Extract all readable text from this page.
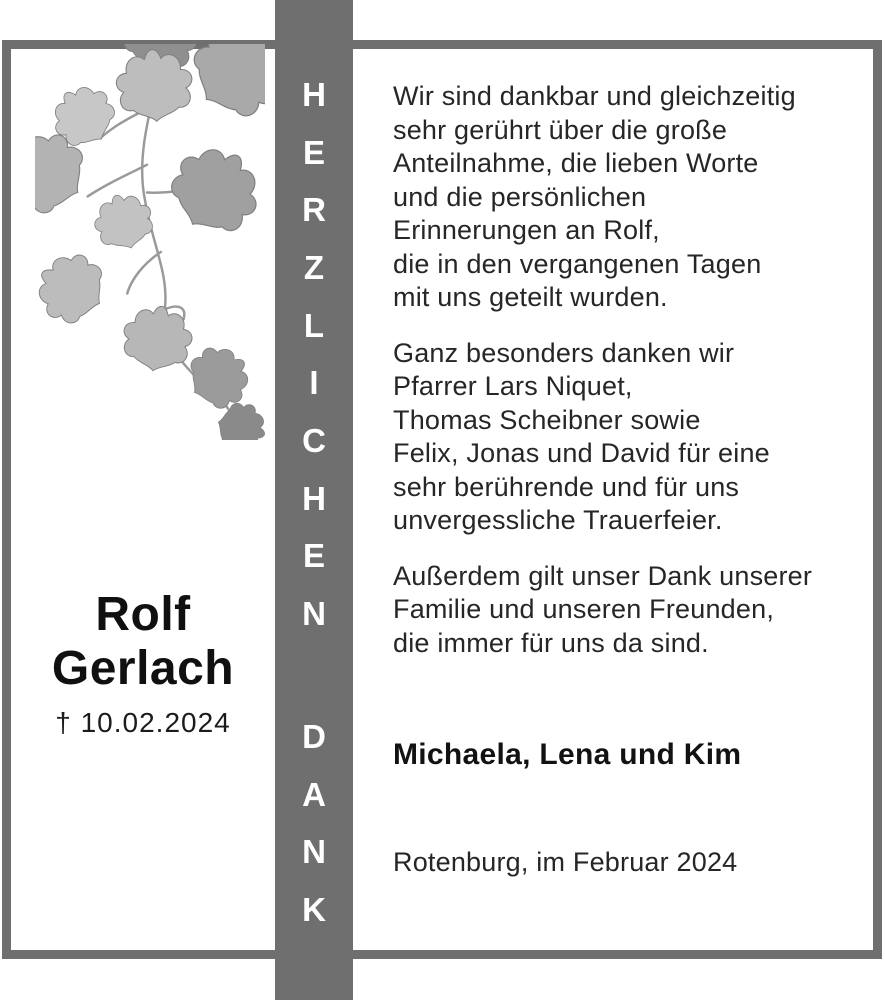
Rolf
Gerlach
† 10.02.2024
H
E
R
Z
L
I
C
H
E
N
D
A
N
K
Wir sind dankbar und gleichzeitig
sehr gerührt über die große
Anteilnahme, die lieben Worte
und die persönlichen
Erinnerungen an Rolf,
die in den vergangenen Tagen
mit uns geteilt wurden.
Ganz besonders danken wir
Pfarrer Lars Niquet,
Thomas Scheibner sowie
Felix, Jonas und David für eine
sehr berührende und für uns
unvergessliche Trauerfeier.
Außerdem gilt unser Dank unserer
Familie und unseren Freunden,
die immer für uns da sind.
Michaela, Lena und Kim
Rotenburg, im Februar 2024
